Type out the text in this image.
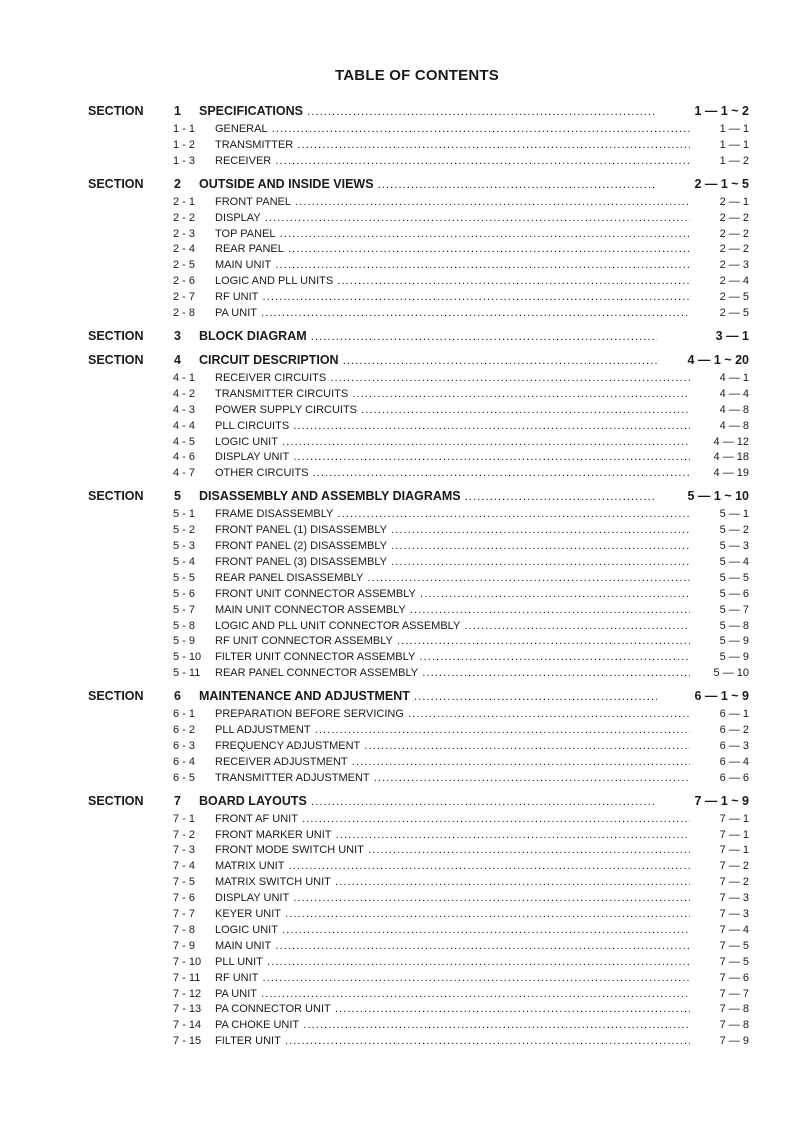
TABLE OF CONTENTS
SECTION 1 SPECIFICATIONS .....	1 — 1 ~ 2
1 - 1 GENERAL .....	1 — 1
1 - 2 TRANSMITTER .....	1 — 1
1 - 3 RECEIVER .....	1 — 2
SECTION 2 OUTSIDE AND INSIDE VIEWS .....	2 — 1 ~ 5
2 - 1 FRONT PANEL .....	2 — 1
2 - 2 DISPLAY .....	2 — 2
2 - 3 TOP PANEL .....	2 — 2
2 - 4 REAR PANEL .....	2 — 2
2 - 5 MAIN UNIT .....	2 — 3
2 - 6 LOGIC AND PLL UNITS .....	2 — 4
2 - 7 RF UNIT .....	2 — 5
2 - 8 PA UNIT .....	2 — 5
SECTION 3 BLOCK DIAGRAM .....	3 — 1
SECTION 4 CIRCUIT DESCRIPTION .....	4 — 1 ~ 20
4 - 1 RECEIVER CIRCUITS .....	4 — 1
4 - 2 TRANSMITTER CIRCUITS .....	4 — 4
4 - 3 POWER SUPPLY CIRCUITS .....	4 — 8
4 - 4 PLL CIRCUITS .....	4 — 8
4 - 5 LOGIC UNIT .....	4 — 12
4 - 6 DISPLAY UNIT .....	4 — 18
4 - 7 OTHER CIRCUITS .....	4 — 19
SECTION 5 DISASSEMBLY AND ASSEMBLY DIAGRAMS .....	5 — 1 ~ 10
5 - 1 FRAME DISASSEMBLY .....	5 — 1
5 - 2 FRONT PANEL (1) DISASSEMBLY .....	5 — 2
5 - 3 FRONT PANEL (2) DISASSEMBLY .....	5 — 3
5 - 4 FRONT PANEL (3) DISASSEMBLY .....	5 — 4
5 - 5 REAR PANEL DISASSEMBLY .....	5 — 5
5 - 6 FRONT UNIT CONNECTOR ASSEMBLY .....	5 — 6
5 - 7 MAIN UNIT CONNECTOR ASSEMBLY .....	5 — 7
5 - 8 LOGIC AND PLL UNIT CONNECTOR ASSEMBLY .....	5 — 8
5 - 9 RF UNIT CONNECTOR ASSEMBLY .....	5 — 9
5 - 10 FILTER UNIT CONNECTOR ASSEMBLY .....	5 — 9
5 - 11 REAR PANEL CONNECTOR ASSEMBLY .....	5 — 10
SECTION 6 MAINTENANCE AND ADJUSTMENT .....	6 — 1 ~ 9
6 - 1 PREPARATION BEFORE SERVICING .....	6 — 1
6 - 2 PLL ADJUSTMENT .....	6 — 2
6 - 3 FREQUENCY ADJUSTMENT .....	6 — 3
6 - 4 RECEIVER ADJUSTMENT .....	6 — 4
6 - 5 TRANSMITTER ADJUSTMENT .....	6 — 6
SECTION 7 BOARD LAYOUTS .....	7 — 1 ~ 9
7 - 1 FRONT AF UNIT .....	7 — 1
7 - 2 FRONT MARKER UNIT .....	7 — 1
7 - 3 FRONT MODE SWITCH UNIT .....	7 — 1
7 - 4 MATRIX UNIT .....	7 — 2
7 - 5 MATRIX SWITCH UNIT .....	7 — 2
7 - 6 DISPLAY UNIT .....	7 — 3
7 - 7 KEYER UNIT .....	7 — 3
7 - 8 LOGIC UNIT .....	7 — 4
7 - 9 MAIN UNIT .....	7 — 5
7 - 10 PLL UNIT .....	7 — 5
7 - 11 RF UNIT .....	7 — 6
7 - 12 PA UNIT .....	7 — 7
7 - 13 PA CONNECTOR UNIT .....	7 — 8
7 - 14 PA CHOKE UNIT .....	7 — 8
7 - 15 FILTER UNIT .....	7 — 9
